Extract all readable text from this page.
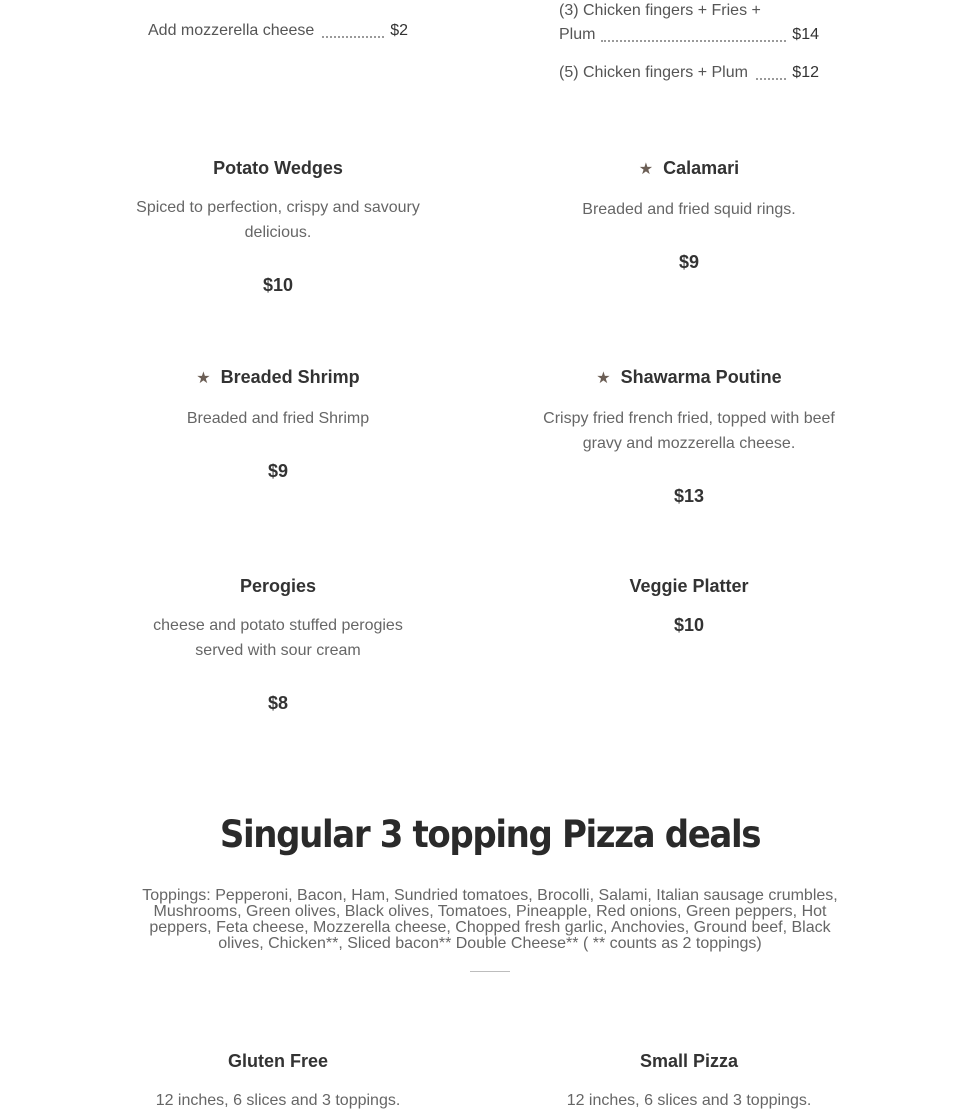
Add mozzerella cheese	$2
(3) Chicken fingers + Fries +
Plum	$14
(5) Chicken fingers + Plum	$12
Potato Wedges
Spiced to perfection, crispy and savoury delicious.
$10
★ Calamari
Breaded and fried squid rings.
$9
★ Breaded Shrimp
Breaded and fried Shrimp
$9
★ Shawarma Poutine
Crispy fried french fried, topped with beef gravy and mozzerella cheese.
$13
Perogies
cheese and potato stuffed perogies served with sour cream
$8
Veggie Platter
$10
Singular 3 topping Pizza deals
Toppings: Pepperoni, Bacon, Ham, Sundried tomatoes, Brocolli, Salami, Italian sausage crumbles, Mushrooms, Green olives, Black olives, Tomatoes, Pineapple, Red onions, Green peppers, Hot peppers, Feta cheese, Mozzerella cheese, Chopped fresh garlic, Anchovies, Ground beef, Black olives, Chicken**, Sliced bacon** Double Cheese** ( ** counts as 2 toppings)
Gluten Free
12 inches, 6 slices and 3 toppings.
Small Pizza
12 inches, 6 slices and 3 toppings.
